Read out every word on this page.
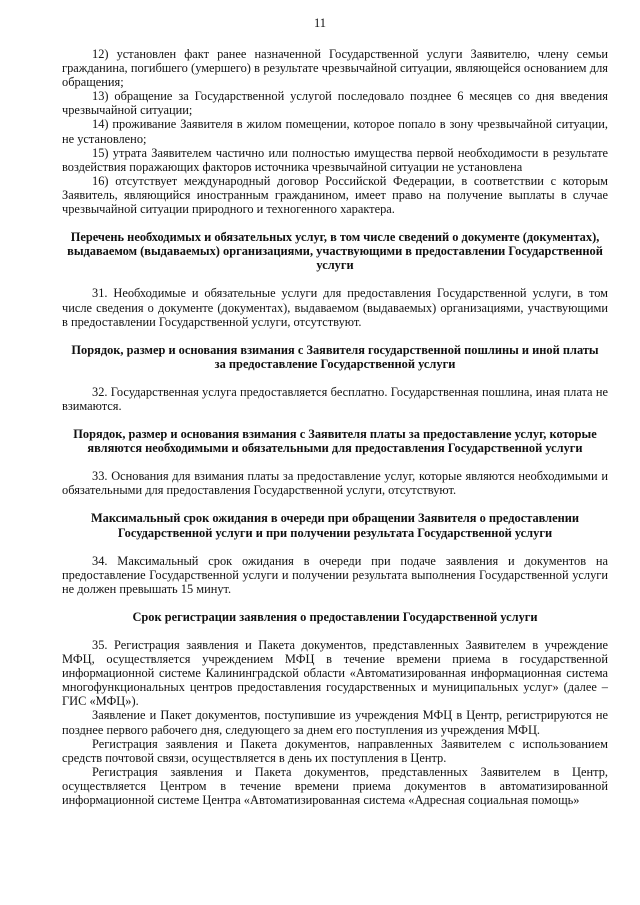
11

12) установлен факт ранее назначенной Государственной услуги Заявителю, члену семьи гражданина, погибшего (умершего) в результате чрезвычайной ситуации, являющейся основанием для обращения;

13) обращение за Государственной услугой последовало позднее 6 месяцев со дня введения чрезвычайной ситуации;

14) проживание Заявителя в жилом помещении, которое попало в зону чрезвычайной ситуации, не установлено;

15) утрата Заявителем частично или полностью имущества первой необходимости в результате воздействия поражающих факторов источника чрезвычайной ситуации не установлена

16) отсутствует международный договор Российской Федерации, в соответствии с которым Заявитель, являющийся иностранным гражданином, имеет право на получение выплаты в случае чрезвычайной ситуации природного и техногенного характера.

Перечень необходимых и обязательных услуг, в том числе сведений о документе (документах), выдаваемом (выдаваемых) организациями, участвующими в предоставлении Государственной услуги

31. Необходимые и обязательные услуги для предоставления Государственной услуги, в том числе сведения о документе (документах), выдаваемом (выдаваемых) организациями, участвующими в предоставлении Государственной услуги, отсутствуют.

Порядок, размер и основания взимания с Заявителя государственной пошлины и иной платы за предоставление Государственной услуги

32. Государственная услуга предоставляется бесплатно. Государственная пошлина, иная плата не взимаются.

Порядок, размер и основания взимания с Заявителя платы за предоставление услуг, которые являются необходимыми и обязательными для предоставления Государственной услуги

33. Основания для взимания платы за предоставление услуг, которые являются необходимыми и обязательными для предоставления Государственной услуги, отсутствуют.

Максимальный срок ожидания в очереди при обращении Заявителя о предоставлении Государственной услуги и при получении результата Государственной услуги

34. Максимальный срок ожидания в очереди при подаче заявления и документов на предоставление Государственной услуги и получении результата выполнения Государственной услуги не должен превышать 15 минут.

Срок регистрации заявления о предоставлении Государственной услуги

35. Регистрация заявления и Пакета документов, представленных Заявителем в учреждение МФЦ, осуществляется учреждением МФЦ в течение времени приема в государственной информационной системе Калининградской области «Автоматизированная информационная система многофункциональных центров предоставления государственных и муниципальных услуг» (далее – ГИС «МФЦ»).

Заявление и Пакет документов, поступившие из учреждения МФЦ в Центр, регистрируются не позднее первого рабочего дня, следующего за днем его поступления из учреждения МФЦ.

Регистрация заявления и Пакета документов, направленных Заявителем с использованием средств почтовой связи, осуществляется в день их поступления в Центр.

Регистрация заявления и Пакета документов, представленных Заявителем в Центр, осуществляется Центром в течение времени приема документов в автоматизированной информационной системе Центра «Автоматизированная система «Адресная социальная помощь»
